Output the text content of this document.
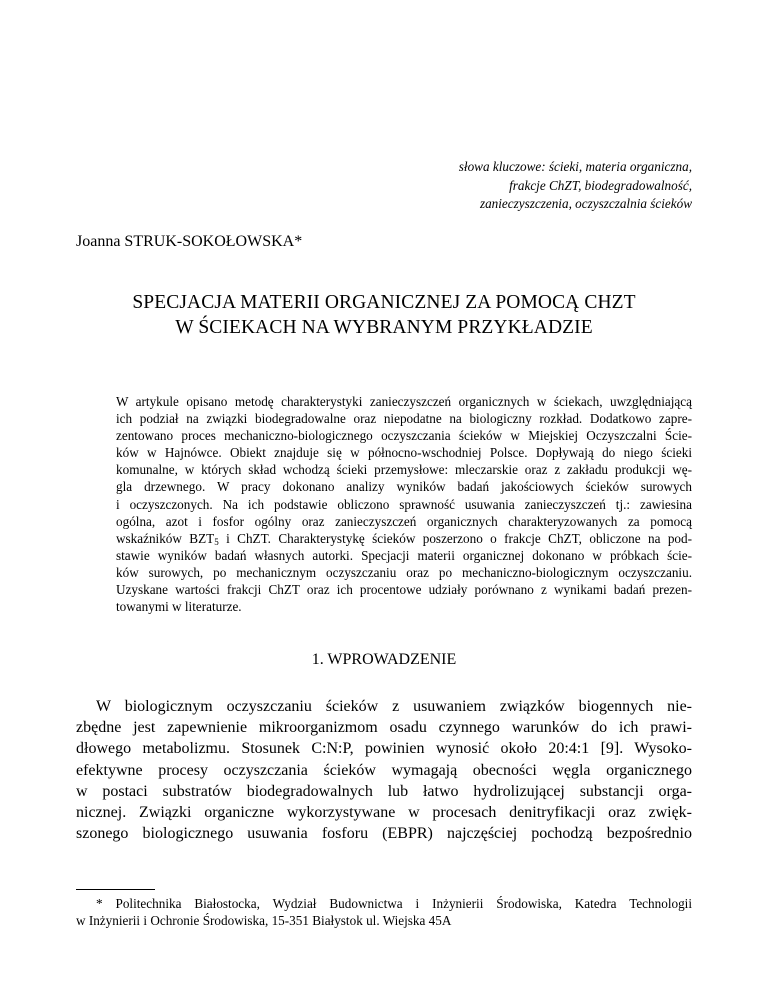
słowa kluczowe: ścieki, materia organiczna,
frakcje ChZT, biodegradowalność,
zanieczyszczenia, oczyszczalnia ścieków
Joanna STRUK-SOKOŁOWSKA*
SPECJACJA MATERII ORGANICZNEJ ZA POMOCĄ CHZT
W ŚCIEKACH NA WYBRANYM PRZYKŁADZIE
W artykule opisano metodę charakterystyki zanieczyszczeń organicznych w ściekach, uwzględniającą
ich podział na związki biodegradowalne oraz niepodatne na biologiczny rozkład. Dodatkowo zapre-
zentowano proces mechaniczno-biologicznego oczyszczania ścieków w Miejskiej Oczyszczalni Ście-
ków w Hajnówce. Obiekt znajduje się w północno-wschodniej Polsce. Dopływają do niego ścieki
komunalne, w których skład wchodzą ścieki przemysłowe: mleczarskie oraz z zakładu produkcji wę-
gla drzewnego. W pracy dokonano analizy wyników badań jakościowych ścieków surowych
i oczyszczonych. Na ich podstawie obliczono sprawność usuwania zanieczyszczeń tj.: zawiesina
ogólna, azot i fosfor ogólny oraz zanieczyszczeń organicznych charakteryzowanych za pomocą
wskaźników $BZT_5$ i ChZT. Charakterystykę ścieków poszerzono o frakcje ChZT, obliczone na pod-
stawie wyników badań własnych autorki. Specjacji materii organicznej dokonano w próbkach ście-
ków surowych, po mechanicznym oczyszczaniu oraz po mechaniczno-biologicznym oczyszczaniu.
Uzyskane wartości frakcji ChZT oraz ich procentowe udziały porównano z wynikami badań prezen-
towanymi w literaturze.
1. WPROWADZENIE
W biologicznym oczyszczaniu ścieków z usuwaniem związków biogennych nie-
zbędne jest zapewnienie mikroorganizmom osadu czynnego warunków do ich prawi-
dłowego metabolizmu. Stosunek C:N:P, powinien wynosić około 20:4:1 [9]. Wysoko-
efektywne procesy oczyszczania ścieków wymagają obecności węgla organicznego
w postaci substratów biodegradowalnych lub łatwo hydrolizującej substancji orga-
nicznej. Związki organiczne wykorzystywane w procesach denitryfikacji oraz zwięk-
szonego biologicznego usuwania fosforu (EBPR) najczęściej pochodzą bezpośrednio
* Politechnika Białostocka, Wydział Budownictwa i Inżynierii Środowiska, Katedra Technologii
w Inżynierii i Ochronie Środowiska, 15-351 Białystok ul. Wiejska 45A
